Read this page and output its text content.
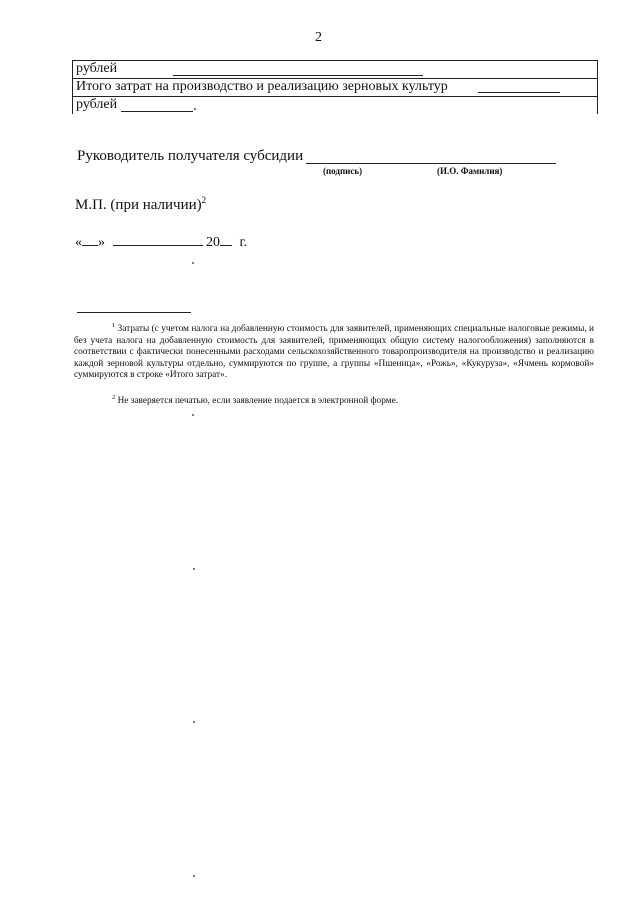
2
рублей
Итого затрат на производство и реализацию зерновых культур
рублей
Руководитель получателя субсидии
(подпись)	(И.О. Фамилия)
М.П. (при наличии)$^2$
« »	20 г.
$^1$ Затраты (с учетом налога на добавленную стоимость для заявителей, применяющих специальные налоговые режимы, и без учета налога на добавленную стоимость для заявителей, применяющих общую систему налогообложения) заполняются в соответствии с фактически понесенными расходами сельскохозяйственного товаропроизводителя на производство и реализацию каждой зерновой культуры отдельно, суммируются по группе, а группы «Пшеница», «Рожь», «Кукуруза», «Ячмень кормовой» суммируются в строке «Итого затрат».
$^2$ Не заверяется печатью, если заявление подается в электронной форме.
